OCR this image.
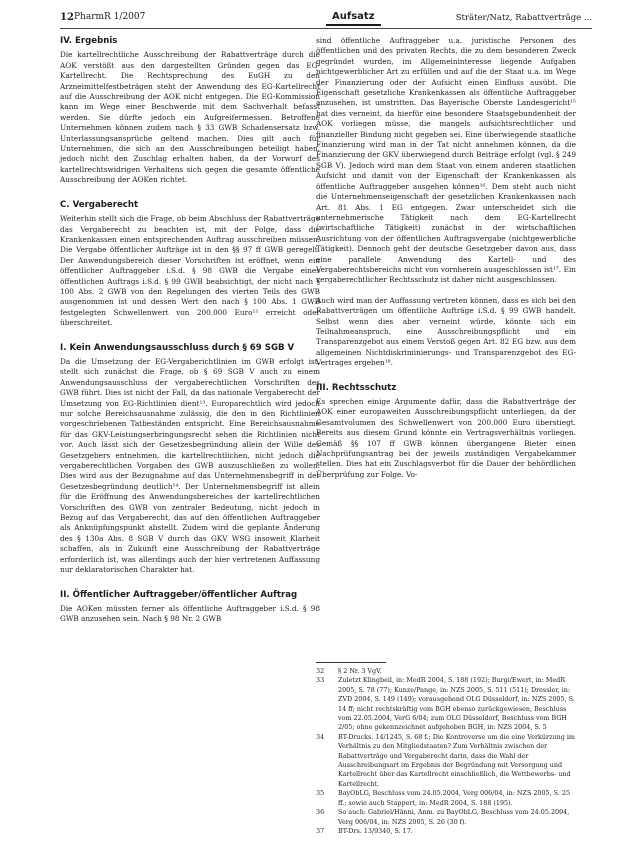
12 PharmR 1/2007	Aufsatz	Sträter/Natz, Rabattverträge ...
IV. Ergebnis

Die kartellrechtliche Ausschreibung der Rabattverträge durch die AOK verstößt aus den dargestellten Gründen gegen das EG-Kartellrecht. Die Rechtsprechung des EuGH zu den Arzneimittelfestbeträgen steht der Anwendung des EG-Kartellrecht auf die Ausschreibung der AOK nicht entgegen. Die EG-Kommission kann im Wege einer Beschwerde mit dem Sachverhalt befasst werden. Sie dürfte jedoch ein Aufgreifermessen. Betroffene Unternehmen können zudem nach § 33 GWB Schadensersatz bzw. Unterlassungsansprüche geltend machen. Dies gilt auch für Unternehmen, die sich an den Ausschreibungen beteiligt haben, jedoch nicht den Zuschlag erhalten haben, da der Vorwurf des kartellrechtswidrigen Verhaltens sich gegen die gesamte öffentliche Ausschreibung der AOKen richtet.

C. Vergaberecht

Weiterhin stellt sich die Frage, ob beim Abschluss der Rabattverträge das Vergaberecht zu beachten ist, mit der Folge, dass die Krankenkassen einen entsprechenden Auftrag ausschreiben müssen. Die Vergabe öffentlicher Aufträge ist in den §§ 97 ff GWB geregelt. Der Anwendungsbereich dieser Vorschriften ist eröffnet, wenn ein öffentlicher Auftraggeber i.S.d. § 98 GWB die Vergabe eines öffentlichen Auftrags i.S.d. § 99 GWB beabsichtigt, der nicht nach § 100 Abs. 2 GWB von den Regelungen des vierten Teils des GWB ausgenommen ist und dessen Wert den nach § 100 Abs. 1 GWB festgelegten Schwellenwert von 200.000 Euro¹² erreicht oder überschreitet.

I. Kein Anwendungsausschluss durch § 69 SGB V

Da die Umsetzung der EG-Vergaberichtlinien im GWB erfolgt ist, stellt sich zunächst die Frage, ob § 69 SGB V auch zu einem Anwendungsausschluss der vergaberechtlichen Vorschriften des GWB führt. Dies ist nicht der Fall, da das nationale Vergaberecht der Umsetzung von EG-Richtlinien dient¹³. Europarechtlich wird jedoch nur solche Bereichsausnahme zulässig, die den in den Richtlinien vorgeschriebenen Tatbeständen entspricht. Eine Bereichsausnahme für das GKV-Leistungserbringungsrecht sehen die Richtlinien nicht vor. Auch lässt sich der Gesetzesbegründung allein der Wille des Gesetzgebers entnehmen, die kartellrechtlichen, nicht jedoch die vergaberechtlichen Vorgaben des GWB auszuschließen zu wollen. Dies wird aus der Bezugnahme auf das Unternehmensbegriff in der Gesetzesbegründung deutlich¹⁴. Der Unternehmensbegriff ist allein für die Eröffnung des Anwendungsbereiches der kartellrechtlichen Vorschriften des GWB von zentraler Bedeutung, nicht jedoch in Bezug auf das Vergaberecht, das auf den öffentlichen Auftraggeber als Anknüpfungspunkt abstellt. Zudem wird die geplante Änderung des § 130a Abs. 8 SGB V durch das GKV WSG insoweit Klarheit schaffen, als in Zukunft eine Ausschreibung der Rabattverträge erforderlich ist, was allerdings auch der hier vertretenen Auffassung nur deklaratorischen Charakter hat.

II. Öffentlicher Auftraggeber/öffentlicher Auftrag

Die AOKen müssten ferner als öffentliche Auftraggeber i.S.d. § 98 GWB anzusehen sein. Nach § 98 Nr. 2 GWB

sind öffentliche Auftraggeber u.a. juristische Personen des öffentlichen und des privaten Rechts, die zu dem besonderen Zweck gegründet wurden, im Allgemeininteresse liegende Aufgaben nichtgewerblicher Art zu erfüllen und auf die der Staat u.a. im Wege der Finanzierung oder der Aufsicht einen Einfluss ausübt. Die Eigenschaft gesetzliche Krankenkassen als öffentliche Auftraggeber anzusehen, ist umstritten. Das Bayerische Oberste Landesgericht¹⁵ hat dies verneint, da hierfür eine besondere Staatsgebundenheit der AOK vorliegen müsse, die mangels aufsichtsrechtlicher und finanzieller Bindung nicht gegeben sei. Eine überwiegende staatliche Finanzierung wird man in der Tat nicht annehmen können, da die Finanzierung der GKV überwiegend durch Beiträge erfolgt (vgl. § 249 SGB V). Jedoch wird man dem Staat von einem anderen staatlichen Aufsicht und damit von der Eigenschaft der Krankenkassen als öffentliche Auftraggeber ausgehen können¹⁶. Dem steht auch nicht die Unternehmenseigenschaft der gesetzlichen Krankenkassen nach Art. 81 Abs. 1 EG entgegen. Zwar unterscheidet sich die unternehmerische Tätigkeit nach dem EG-Kartellrecht (wirtschaftliche Tätigkeit) zunächst in der wirtschaftlichen Ausrichtung von der öffentlichen Auftragsvergabe (nichtgewerbliche Tätigkeit). Dennoch geht der deutsche Gesetzgeber davon aus, dass eine parallele Anwendung des Kartell- und des Vergaberechtsbereichs nicht von vornherein ausgeschlossen ist¹⁷. Ein vergaberechtlicher Rechtsschutz ist daher nicht ausgeschlossen.

Auch wird man der Auffassung vertreten können, dass es sich bei den Rabattverträgen um öffentliche Aufträge i.S.d. § 99 GWB handelt. Selbst wenn dies aber verneint würde, könnte sich ein Teilnahmeanspruch, eine Ausschreibungspflicht und ein Transparenzgebot aus einem Verstoß gegen Art. 82 EG bzw. aus dem allgemeinen Nichtdiskriminierungs- und Transparenzgebot des EG-Vertrages ergeben¹⁸.

III. Rechtsschutz

Es sprechen einige Argumente dafür, dass die Rabattverträge der AOK einer europaweiten Ausschreibungspflicht unterliegen, da der Gesamtvolumen des Schwellenwert von 200.000 Euro überstiegt. Bereits aus diesem Grund könnte ein Vertragsverhältnis vorliegen. Gemäß §§ 107 ff GWB können übergangene Bieter einen Nachprüfungsantrag bei der jeweils zuständigen Vergabekammer stellen. Dies hat ein Zuschlagsverbot für die Dauer der behördlichen Überprüfung zur Folge. Vo-

32	§ 2 Nr. 3 VgV.
33	Zuletzt Klingbeil, in: MedR 2004, S. 188 (192); Burgi/Ewert, in: MedR 2005, S. 78 (77); Kunze/Pange, in: NZS 2005, S. 511 (511); Dressler, in: ZVD 2004, S. 149 (149); vorausgehend OLG Düsseldorf, in: NZS 2005, S. 14 ff; nicht rechtskräftig vom BGH ebenso zurückgewiesen, Beschluss vom 22.05.2004, VerG 6/04; zum OLG Düsseldorf, Beschluss vom BGH 2/05; ohne gekennzeichnet aufgehoben BGH, in: NZS 2004, S. 5
34	BT-Drucks. 14/1245, S. 68 f.; Die Kontroverse um die eine Verkürzung im Verhältnis zu den Mitgliedstaaten? Zum Verhältnis zwischen der Rabattverträge und Vergaberecht darin, dass die Wahl der Ausschreibungsart im Ergebnis der Begründung mit Versorgung und Kartellrecht über das Kartellrecht einschließlich, die Wettbewerbs- und Kartellrecht.
35	BayObLG, Beschluss vom 24.05.2004, Verg 006/04, in: NZS 2005, S. 25 ff.; sowie auch Stappert, in: MedR 2004, S. 188 (195).
36	So auch: Gabriel/Hänni, Anm. zu BayObLG, Beschluss vom 24.05.2004, Verg 006/04, in: NZS 2005, S. 26 (30 f).
37	BT-Drs. 13/9340, S. 17.
